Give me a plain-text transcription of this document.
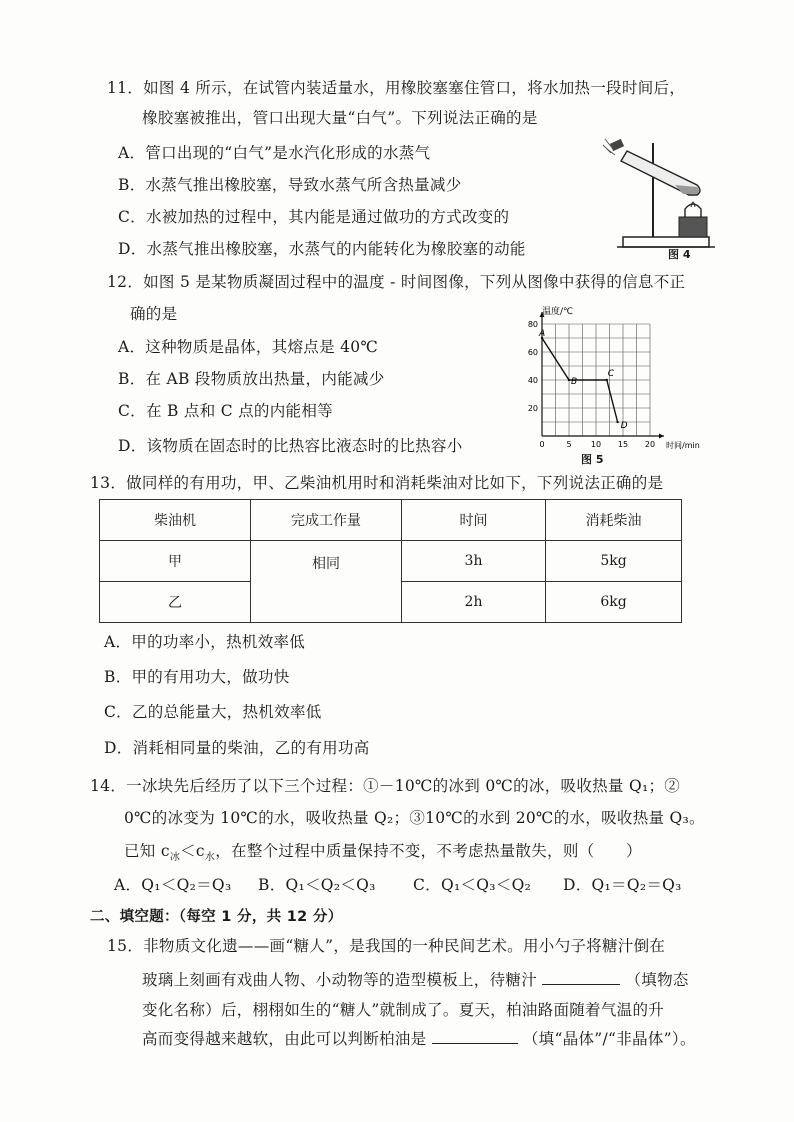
11．如图 4 所示，在试管内装适量水，用橡胶塞塞住管口，将水加热一段时间后，
橡胶塞被推出，管口出现大量“白气”。下列说法正确的是
A．管口出现的“白气”是水汽化形成的水蒸气
B．水蒸气推出橡胶塞，导致水蒸气所含热量减少
C．水被加热的过程中，其内能是通过做功的方式改变的
D．水蒸气推出橡胶塞，水蒸气的内能转化为橡胶塞的动能	图 4
12．如图 5 是某物质凝固过程中的温度 - 时间图像，下列从图像中获得的信息不正
确的是
A．这种物质是晶体，其熔点是 40℃
B．在 AB 段物质放出热量，内能减少
C．在 B 点和 C 点的内能相等
D．该物质在固态时的比热容比液态时的比热容小	0	5 10 15 20
20
40
60
80
A
B
C
D
温度/℃
时间/min
图 5
13．做同样的有用功，甲、乙柴油机用时和消耗柴油对比如下，下列说法正确的是
柴油机	完成工作量	时间	消耗柴油
甲	相同	3h	5kg
乙		2h	6kg
A．甲的功率小，热机效率低
B．甲的有用功大，做功快
C．乙的总能量大，热机效率低
D．消耗相同量的柴油，乙的有用功高
14．一冰块先后经历了以下三个过程：①－10℃的冰到 0℃的冰，吸收热量 Q₁；②
0℃的冰变为 10℃的水，吸收热量 Q₂；③10℃的水到 20℃的水，吸收热量 Q₃。
已知 $c_冰<c_水$，在整个过程中质量保持不变，不考虑热量散失，则（　　）
A．Q₁＜Q₂＝Q₃ B．Q₁＜Q₂＜Q₃ C．Q₁＜Q₃＜Q₂ D．Q₁＝Q₂＝Q₃
二、填空题：（每空 1 分，共 12 分）
15．非物质文化遗——画“糖人”，是我国的一种民间艺术。用小勺子将糖汁倒在
玻璃上刻画有戏曲人物、小动物等的造型模板上，待糖汁	（填物态
变化名称）后，栩栩如生的“糖人”就制成了。夏天，柏油路面随着气温的升
高而变得越来越软，由此可以判断柏油是	（填“晶体”/“非晶体”）。
